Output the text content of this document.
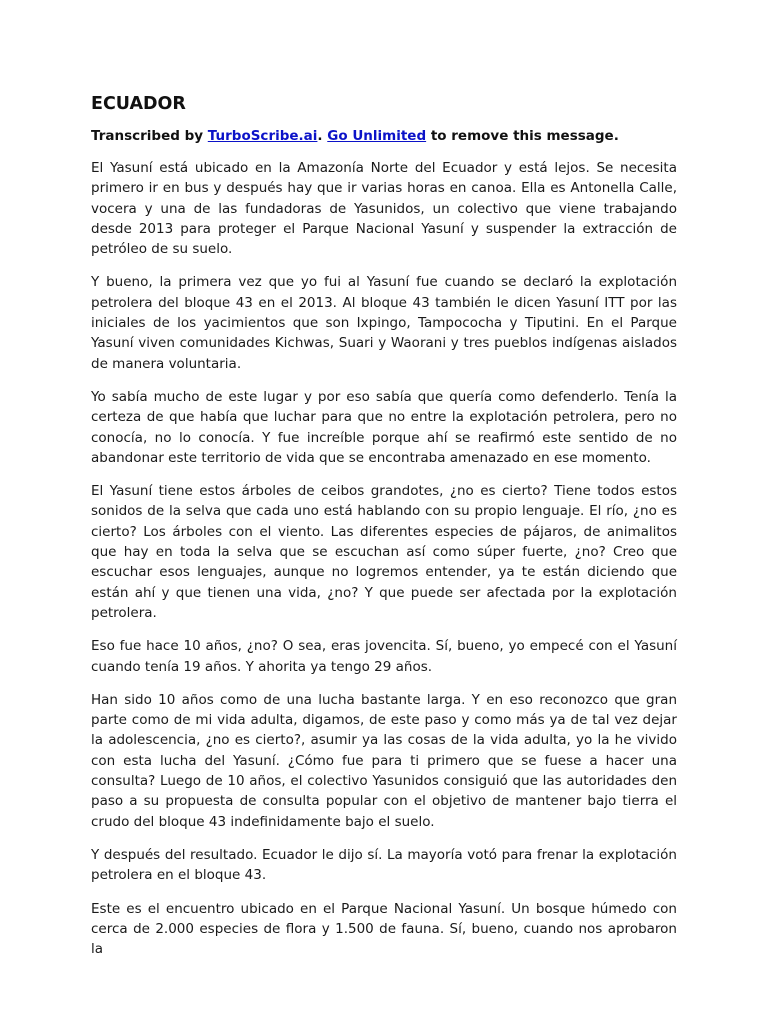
ECUADOR

Transcribed by TurboScribe.ai. Go Unlimited to remove this message.

El Yasuní está ubicado en la Amazonía Norte del Ecuador y está lejos. Se necesita primero ir en bus y después hay que ir varias horas en canoa. Ella es Antonella Calle, vocera y una de las fundadoras de Yasunidos, un colectivo que viene trabajando desde 2013 para proteger el Parque Nacional Yasuní y suspender la extracción de petróleo de su suelo.

Y bueno, la primera vez que yo fui al Yasuní fue cuando se declaró la explotación petrolera del bloque 43 en el 2013. Al bloque 43 también le dicen Yasuní ITT por las iniciales de los yacimientos que son Ixpingo, Tampococha y Tiputini. En el Parque Yasuní viven comunidades Kichwas, Suari y Waorani y tres pueblos indígenas aislados de manera voluntaria.

Yo sabía mucho de este lugar y por eso sabía que quería como defenderlo. Tenía la certeza de que había que luchar para que no entre la explotación petrolera, pero no conocía, no lo conocía. Y fue increíble porque ahí se reafirmó este sentido de no abandonar este territorio de vida que se encontraba amenazado en ese momento.

El Yasuní tiene estos árboles de ceibos grandotes, ¿no es cierto? Tiene todos estos sonidos de la selva que cada uno está hablando con su propio lenguaje. El río, ¿no es cierto? Los árboles con el viento. Las diferentes especies de pájaros, de animalitos que hay en toda la selva que se escuchan así como súper fuerte, ¿no? Creo que escuchar esos lenguajes, aunque no logremos entender, ya te están diciendo que están ahí y que tienen una vida, ¿no? Y que puede ser afectada por la explotación petrolera.

Eso fue hace 10 años, ¿no? O sea, eras jovencita. Sí, bueno, yo empecé con el Yasuní cuando tenía 19 años. Y ahorita ya tengo 29 años.

Han sido 10 años como de una lucha bastante larga. Y en eso reconozco que gran parte como de mi vida adulta, digamos, de este paso y como más ya de tal vez dejar la adolescencia, ¿no es cierto?, asumir ya las cosas de la vida adulta, yo la he vivido con esta lucha del Yasuní. ¿Cómo fue para ti primero que se fuese a hacer una consulta? Luego de 10 años, el colectivo Yasunidos consiguió que las autoridades den paso a su propuesta de consulta popular con el objetivo de mantener bajo tierra el crudo del bloque 43 indefinidamente bajo el suelo.

Y después del resultado. Ecuador le dijo sí. La mayoría votó para frenar la explotación petrolera en el bloque 43.

Este es el encuentro ubicado en el Parque Nacional Yasuní. Un bosque húmedo con cerca de 2.000 especies de flora y 1.500 de fauna. Sí, bueno, cuando nos aprobaron la
